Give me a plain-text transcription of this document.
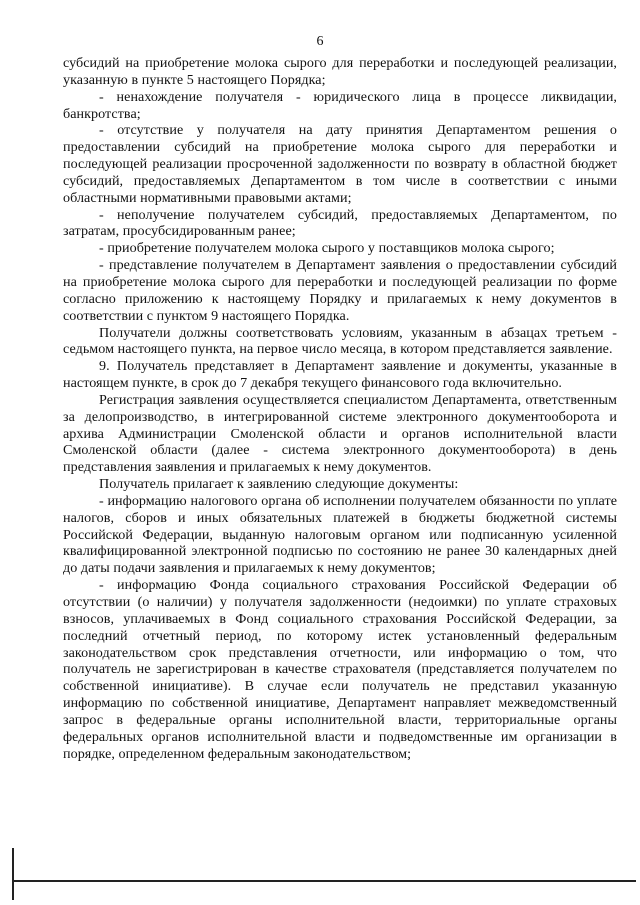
6

субсидий на приобретение молока сырого для переработки и последующей реализации, указанную в пункте 5 настоящего Порядка;

- ненахождение получателя - юридического лица в процессе ликвидации, банкротства;

- отсутствие у получателя на дату принятия Департаментом решения о предоставлении субсидий на приобретение молока сырого для переработки и последующей реализации просроченной задолженности по возврату в областной бюджет субсидий, предоставляемых Департаментом в том числе в соответствии с иными областными нормативными правовыми актами;

- неполучение получателем субсидий, предоставляемых Департаментом, по затратам, просубсидированным ранее;

- приобретение получателем молока сырого у поставщиков молока сырого;

- представление получателем в Департамент заявления о предоставлении субсидий на приобретение молока сырого для переработки и последующей реализации по форме согласно приложению к настоящему Порядку и прилагаемых к нему документов в соответствии с пунктом 9 настоящего Порядка.

Получатели должны соответствовать условиям, указанным в абзацах третьем - седьмом настоящего пункта, на первое число месяца, в котором представляется заявление.

9. Получатель представляет в Департамент заявление и документы, указанные в настоящем пункте, в срок до 7 декабря текущего финансового года включительно.

Регистрация заявления осуществляется специалистом Департамента, ответственным за делопроизводство, в интегрированной системе электронного документооборота и архива Администрации Смоленской области и органов исполнительной власти Смоленской области (далее - система электронного документооборота) в день представления заявления и прилагаемых к нему документов.

Получатель прилагает к заявлению следующие документы:

- информацию налогового органа об исполнении получателем обязанности по уплате налогов, сборов и иных обязательных платежей в бюджеты бюджетной системы Российской Федерации, выданную налоговым органом или подписанную усиленной квалифицированной электронной подписью по состоянию не ранее 30 календарных дней до даты подачи заявления и прилагаемых к нему документов;

- информацию Фонда социального страхования Российской Федерации об отсутствии (о наличии) у получателя задолженности (недоимки) по уплате страховых взносов, уплачиваемых в Фонд социального страхования Российской Федерации, за последний отчетный период, по которому истек установленный федеральным законодательством срок представления отчетности, или информацию о том, что получатель не зарегистрирован в качестве страхователя (представляется получателем по собственной инициативе). В случае если получатель не представил указанную информацию по собственной инициативе, Департамент направляет межведомственный запрос в федеральные органы исполнительной власти, территориальные органы федеральных органов исполнительной власти и подведомственные им организации в порядке, определенном федеральным законодательством;
